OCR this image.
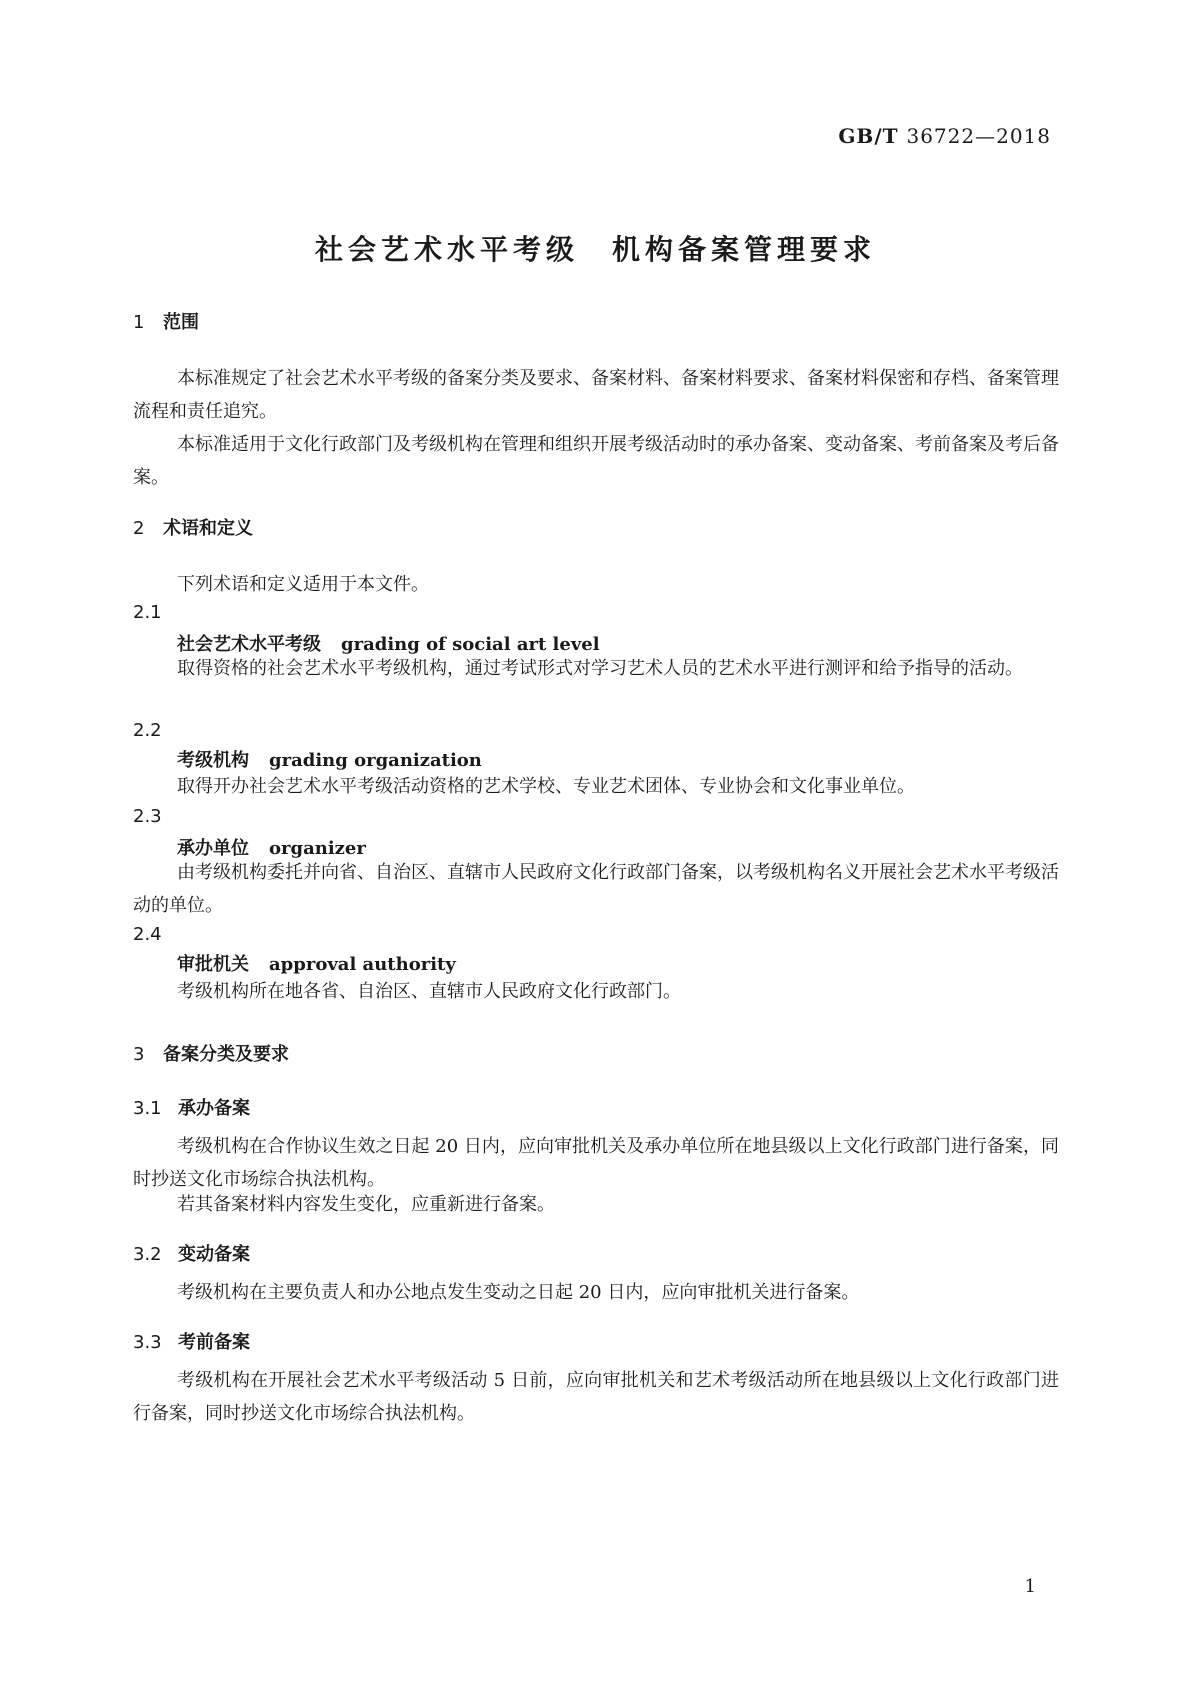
GB/T 36722—2018
社会艺术水平考级　机构备案管理要求
1 范围

本标准规定了社会艺术水平考级的备案分类及要求、备案材料、备案材料要求、备案材料保密和存档、备案管理流程和责任追究。

本标准适用于文化行政部门及考级机构在管理和组织开展考级活动时的承办备案、变动备案、考前备案及考后备案。

2 术语和定义

下列术语和定义适用于本文件。

2.1
社会艺术水平考级 grading of social art level

取得资格的社会艺术水平考级机构，通过考试形式对学习艺术人员的艺术水平进行测评和给予指导的活动。

2.2
考级机构 grading organization

取得开办社会艺术水平考级活动资格的艺术学校、专业艺术团体、专业协会和文化事业单位。

2.3
承办单位 organizer

由考级机构委托并向省、自治区、直辖市人民政府文化行政部门备案，以考级机构名义开展社会艺术水平考级活动的单位。

2.4
审批机关 approval authority

考级机构所在地各省、自治区、直辖市人民政府文化行政部门。

3 备案分类及要求
3.1 承办备案

考级机构在合作协议生效之日起 20 日内，应向审批机关及承办单位所在地县级以上文化行政部门进行备案，同时抄送文化市场综合执法机构。

若其备案材料内容发生变化，应重新进行备案。

3.2 变动备案

考级机构在主要负责人和办公地点发生变动之日起 20 日内，应向审批机关进行备案。

3.3 考前备案

考级机构在开展社会艺术水平考级活动 5 日前，应向审批机关和艺术考级活动所在地县级以上文化行政部门进行备案，同时抄送文化市场综合执法机构。

1
